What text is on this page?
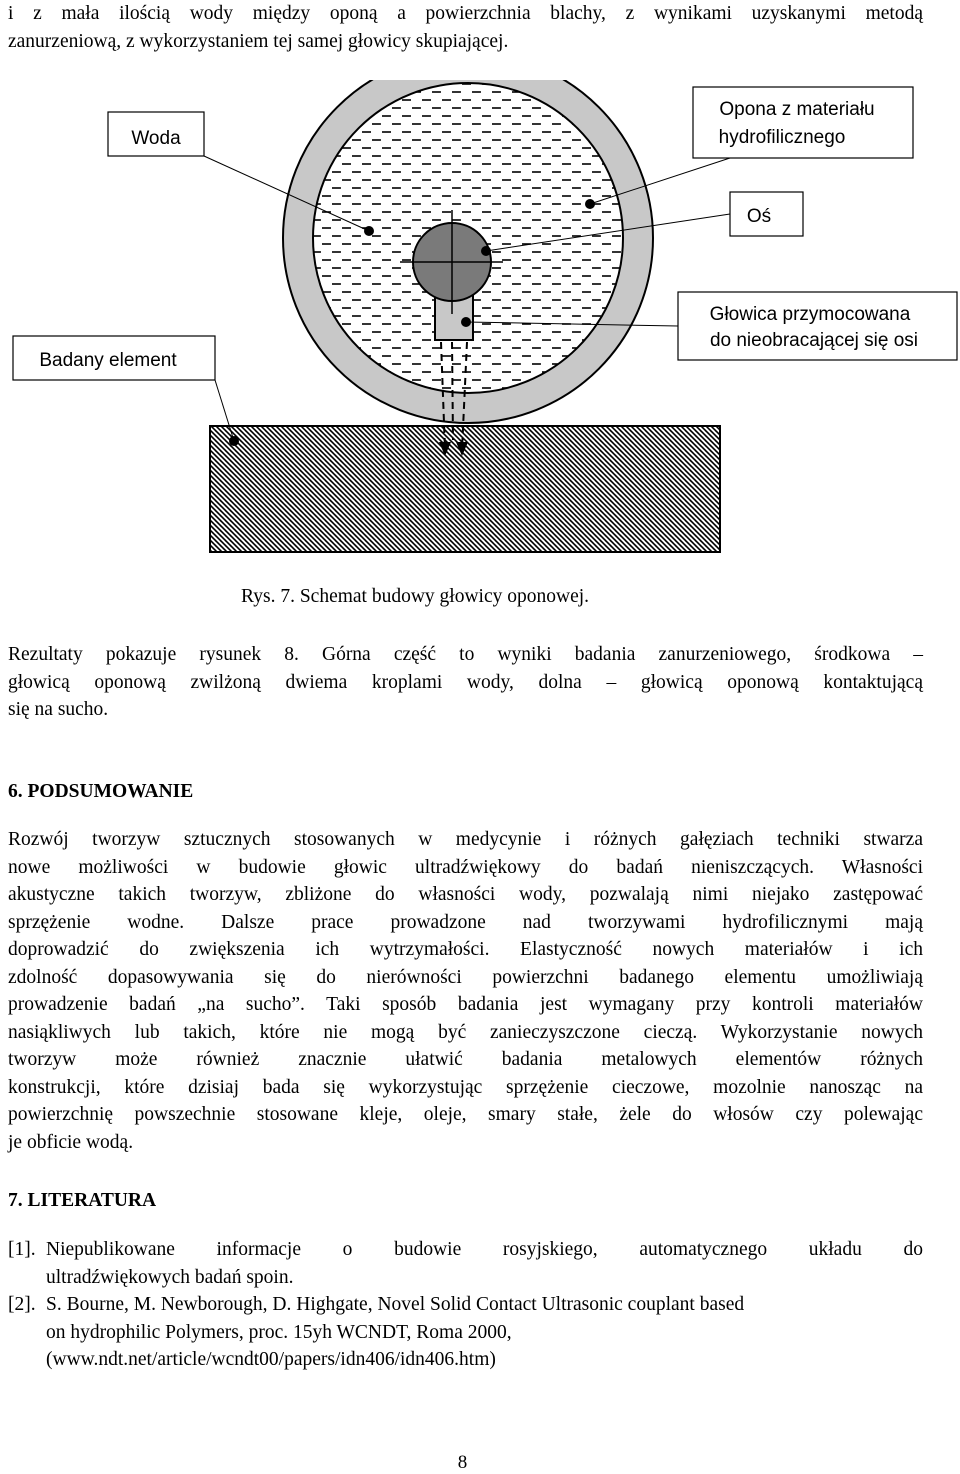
i z mała ilością wody między oponą a powierzchnia blachy, z wynikami uzyskanymi metodą
zanurzeniową, z wykorzystaniem tej samej głowicy skupiającej.
Woda
Opona z materiału
hydrofilicznego
Oś
Głowica przymocowana
do nieobracającej się osi
Badany element
Rys. 7. Schemat budowy głowicy oponowej.
Rezultaty pokazuje rysunek 8. Górna część to wyniki badania zanurzeniowego, środkowa –
głowicą oponową zwilżoną dwiema kroplami wody, dolna – głowicą oponową kontaktującą
się na sucho.
6. PODSUMOWANIE
Rozwój tworzyw sztucznych stosowanych w medycynie i różnych gałęziach techniki stwarza
nowe możliwości w budowie głowic ultradźwiękowy do badań nieniszczących. Własności
akustyczne takich tworzyw, zbliżone do własności wody, pozwalają nimi niejako zastępować
sprzężenie wodne. Dalsze prace prowadzone nad tworzywami hydrofilicznymi mają
doprowadzić do zwiększenia ich wytrzymałości. Elastyczność nowych materiałów i ich
zdolność dopasowywania się do nierówności powierzchni badanego elementu umożliwiają
prowadzenie badań „na sucho”. Taki sposób badania jest wymagany przy kontroli materiałów
nasiąkliwych lub takich, które nie mogą być zanieczyszczone cieczą. Wykorzystanie nowych
tworzyw może również znacznie ułatwić badania metalowych elementów różnych
konstrukcji, które dzisiaj bada się wykorzystując sprzężenie cieczowe, mozolnie nanosząc na
powierzchnię powszechnie stosowane kleje, oleje, smary stałe, żele do włosów czy polewając
je obficie wodą.
7. LITERATURA
[1]. Niepublikowane informacje o budowie rosyjskiego, automatycznego układu do
ultradźwiękowych badań spoin.
[2]. S. Bourne, M. Newborough, D. Highgate, Novel Solid Contact Ultrasonic couplant based
on hydrophilic Polymers, proc. 15yh WCNDT, Roma 2000,
(www.ndt.net/article/wcndt00/papers/idn406/idn406.htm)
8
